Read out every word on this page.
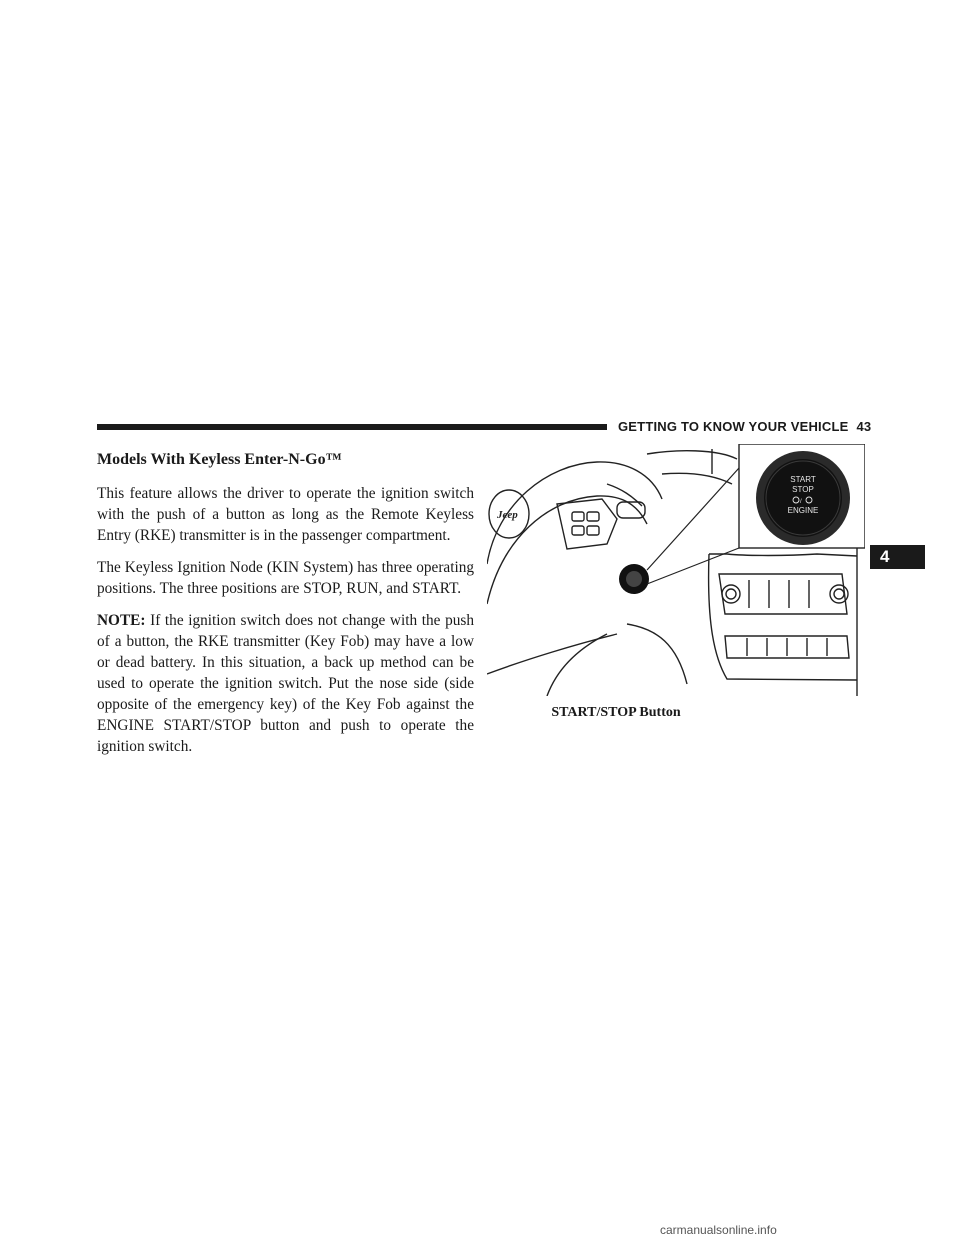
GETTING TO KNOW YOUR VEHICLE 43
4
Models With Keyless Enter-N-Go™

This feature allows the driver to operate the ignition switch with the push of a button as long as the Remote Keyless Entry (RKE) transmitter is in the passenger compartment.

The Keyless Ignition Node (KIN System) has three operating positions. The three positions are STOP, RUN, and START.

NOTE: If the ignition switch does not change with the push of a button, the RKE transmitter (Key Fob) may have a low or dead battery. In this situation, a back up method can be used to operate the ignition switch. Put the nose side (side opposite of the emergency key) of the Key Fob against the ENGINE START/STOP button and push to operate the ignition switch.

Jeep
START
STOP
/
ENGINE
START/STOP Button
carmanualsonline.info
